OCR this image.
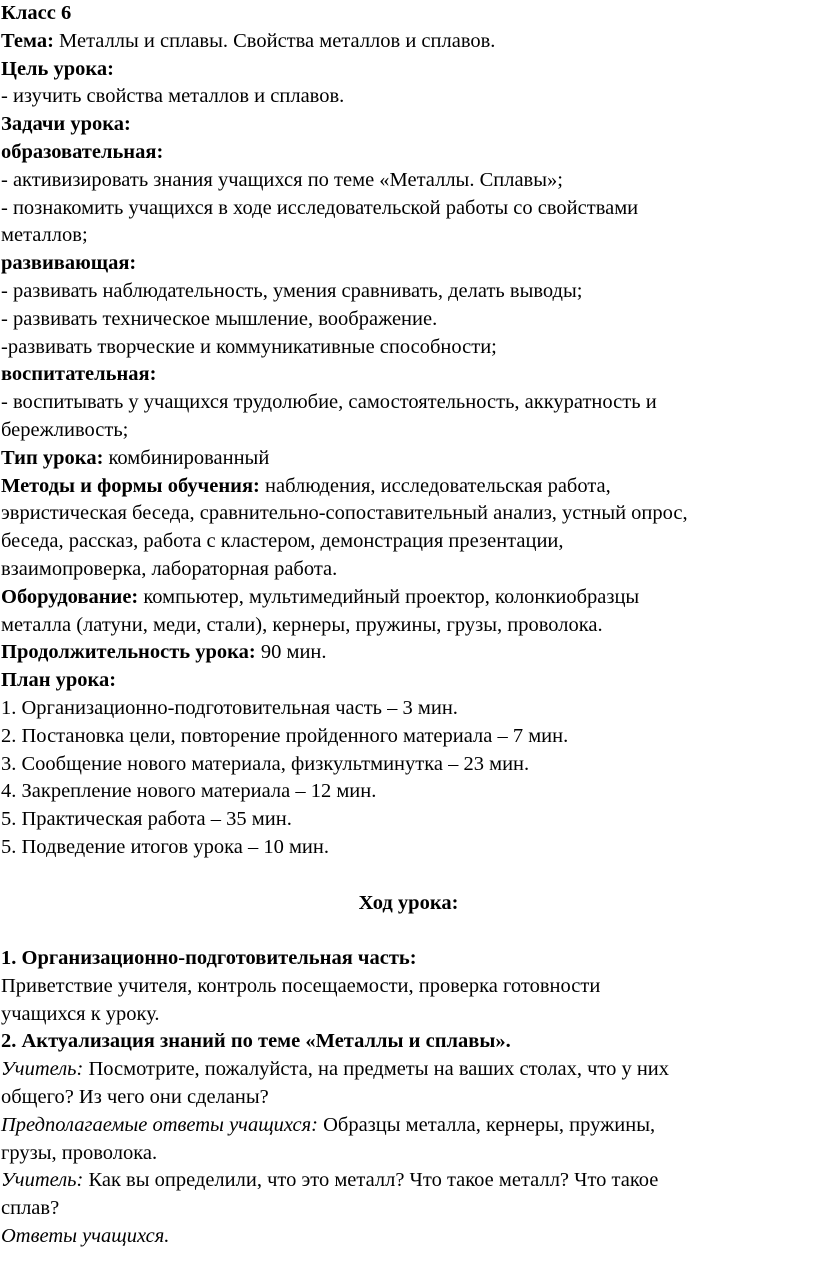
Класс 6

Тема: Металлы и сплавы. Свойства металлов и сплавов.

Цель урока:

- изучить свойства металлов и сплавов.

Задачи урока:

образовательная:

- активизировать знания учащихся по теме «Металлы. Сплавы»;

- познакомить учащихся в ходе исследовательской работы со свойствами

металлов;

развивающая:

- развивать наблюдательность, умения сравнивать, делать выводы;

- развивать техническое мышление, воображение.

-развивать творческие и коммуникативные способности;

воспитательная:

- воспитывать у учащихся трудолюбие, самостоятельность, аккуратность и

бережливость;

Тип урока: комбинированный

Методы и формы обучения: наблюдения, исследовательская работа,

эвристическая беседа, сравнительно-сопоставительный анализ, устный опрос,

беседа, рассказ, работа с кластером, демонстрация презентации,

взаимопроверка, лабораторная работа.

Оборудование: компьютер, мультимедийный проектор, колонкиобразцы

металла (латуни, меди, стали), кернеры, пружины, грузы, проволока.

Продолжительность урока: 90 мин.

План урока:

1. Организационно-подготовительная часть – 3 мин.

2. Постановка цели, повторение пройденного материала – 7 мин.

3. Сообщение нового материала, физкультминутка – 23 мин.

4. Закрепление нового материала – 12 мин.

5. Практическая работа – 35 мин.

5. Подведение итогов урока – 10 мин.

Ход урока:

1. Организационно-подготовительная часть:

Приветствие учителя, контроль посещаемости, проверка готовности

учащихся к уроку.

2. Актуализация знаний по теме «Металлы и сплавы».

Учитель: Посмотрите, пожалуйста, на предметы на ваших столах, что у них

общего? Из чего они сделаны?

Предполагаемые ответы учащихся: Образцы металла, кернеры, пружины,

грузы, проволока.

Учитель: Как вы определили, что это металл? Что такое металл? Что такое

сплав?

Ответы учащихся.
